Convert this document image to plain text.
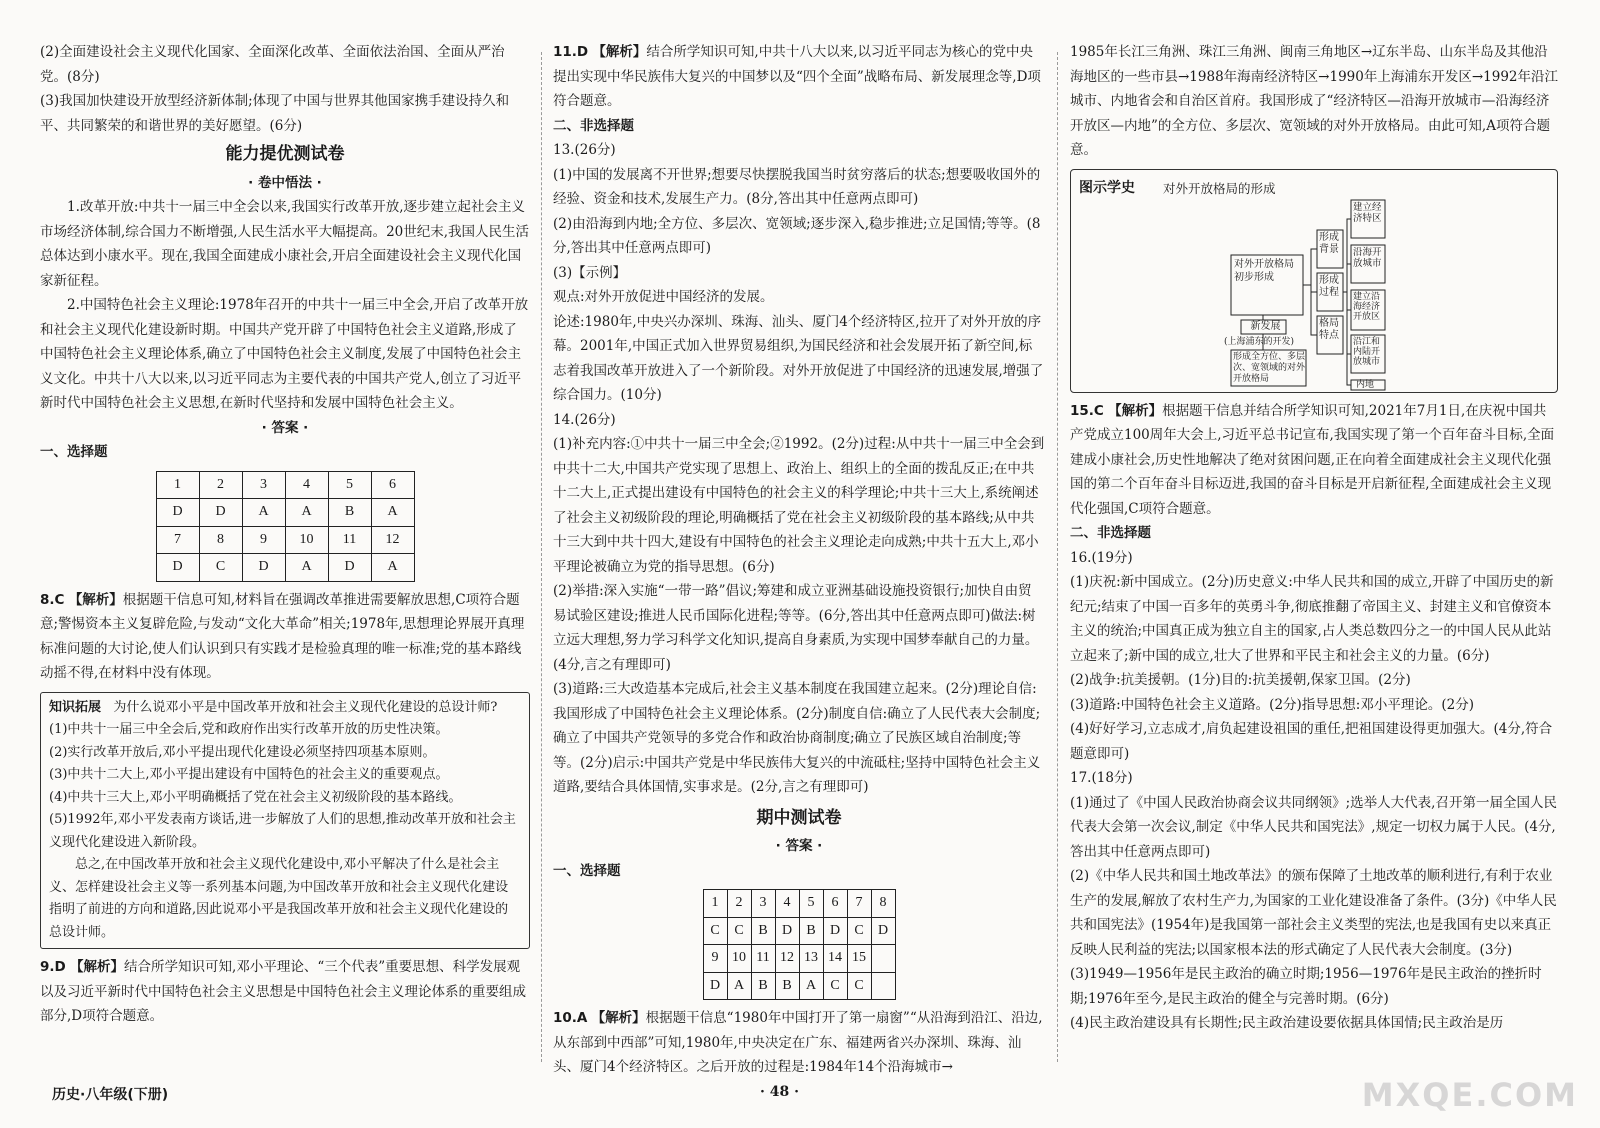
(2)全面建设社会主义现代化国家、全面深化改革、全面依法治国、全面从严治党。(8分)

(3)我国加快建设开放型经济新体制;体现了中国与世界其他国家携手建设持久和平、共同繁荣的和谐世界的美好愿望。(6分)

能力提优测试卷

· 卷中悟法 ·

1.改革开放:中共十一届三中全会以来,我国实行改革开放,逐步建立起社会主义市场经济体制,综合国力不断增强,人民生活水平大幅提高。20世纪末,我国人民生活总体达到小康水平。现在,我国全面建成小康社会,开启全面建设社会主义现代化国家新征程。

2.中国特色社会主义理论:1978年召开的中共十一届三中全会,开启了改革开放和社会主义现代化建设新时期。中国共产党开辟了中国特色社会主义道路,形成了中国特色社会主义理论体系,确立了中国特色社会主义制度,发展了中国特色社会主义文化。中共十八大以来,以习近平同志为主要代表的中国共产党人,创立了习近平新时代中国特色社会主义思想,在新时代坚持和发展中国特色社会主义。

· 答案 ·

一、选择题

1	2	3	4	5	6
D	D	A	A	B	A
7	8	9	10	11	12
D	C	D	A	D	A

8.C 【解析】根据题干信息可知,材料旨在强调改革推进需要解放思想,C项符合题意;警惕资本主义复辟危险,与发动“文化大革命”相关;1978年,思想理论界展开真理标准问题的大讨论,使人们认识到只有实践才是检验真理的唯一标准;党的基本路线动摇不得,在材料中没有体现。

知识拓展 为什么说邓小平是中国改革开放和社会主义现代化建设的总设计师?

(1)中共十一届三中全会后,党和政府作出实行改革开放的历史性决策。

(2)实行改革开放后,邓小平提出现代化建设必须坚持四项基本原则。

(3)中共十二大上,邓小平提出建设有中国特色的社会主义的重要观点。

(4)中共十三大上,邓小平明确概括了党在社会主义初级阶段的基本路线。

(5)1992年,邓小平发表南方谈话,进一步解放了人们的思想,推动改革开放和社会主义现代化建设进入新阶段。

总之,在中国改革开放和社会主义现代化建设中,邓小平解决了什么是社会主义、怎样建设社会主义等一系列基本问题,为中国改革开放和社会主义现代化建设指明了前进的方向和道路,因此说邓小平是我国改革开放和社会主义现代化建设的总设计师。

9.D 【解析】结合所学知识可知,邓小平理论、“三个代表”重要思想、科学发展观以及习近平新时代中国特色社会主义思想是中国特色社会主义理论体系的重要组成部分,D项符合题意。

11.D 【解析】结合所学知识可知,中共十八大以来,以习近平同志为核心的党中央提出实现中华民族伟大复兴的中国梦以及“四个全面”战略布局、新发展理念等,D项符合题意。

二、非选择题

13.(26分)

(1)中国的发展离不开世界;想要尽快摆脱我国当时贫穷落后的状态;想要吸收国外的经验、资金和技术,发展生产力。(8分,答出其中任意两点即可)

(2)由沿海到内地;全方位、多层次、宽领域;逐步深入,稳步推进;立足国情;等等。(8分,答出其中任意两点即可)

(3)【示例】

观点:对外开放促进中国经济的发展。

论述:1980年,中央兴办深圳、珠海、汕头、厦门4个经济特区,拉开了对外开放的序幕。2001年,中国正式加入世界贸易组织,为国民经济和社会发展开拓了新空间,标志着我国改革开放进入了一个新阶段。对外开放促进了中国经济的迅速发展,增强了综合国力。(10分)

14.(26分)

(1)补充内容:①中共十一届三中全会;②1992。(2分)过程:从中共十一届三中全会到中共十二大,中国共产党实现了思想上、政治上、组织上的全面的拨乱反正;在中共十二大上,正式提出建设有中国特色的社会主义的科学理论;中共十三大上,系统阐述了社会主义初级阶段的理论,明确概括了党在社会主义初级阶段的基本路线;从中共十三大到中共十四大,建设有中国特色的社会主义理论走向成熟;中共十五大上,邓小平理论被确立为党的指导思想。(6分)

(2)举措:深入实施“一带一路”倡议;筹建和成立亚洲基础设施投资银行;加快自由贸易试验区建设;推进人民币国际化进程;等等。(6分,答出其中任意两点即可)做法:树立远大理想,努力学习科学文化知识,提高自身素质,为实现中国梦奉献自己的力量。(4分,言之有理即可)

(3)道路:三大改造基本完成后,社会主义基本制度在我国建立起来。(2分)理论自信:我国形成了中国特色社会主义理论体系。(2分)制度自信:确立了人民代表大会制度;确立了中国共产党领导的多党合作和政治协商制度;确立了民族区域自治制度;等等。(2分)启示:中国共产党是中华民族伟大复兴的中流砥柱;坚持中国特色社会主义道路,要结合具体国情,实事求是。(2分,言之有理即可)

期中测试卷

· 答案 ·

一、选择题

1	2	3	4	5	6	7	8
C	C	B	D	B	D	C	D
9	10	11	12	13	14	15	
D	A	B	B	A	C	C	

10.A 【解析】根据题干信息“1980年中国打开了第一扇窗”“从沿海到沿江、沿边,从东部到中西部”可知,1980年,中央决定在广东、福建两省兴办深圳、珠海、汕头、厦门4个经济特区。之后开放的过程是:1984年14个沿海城市→

1985年长江三角洲、珠江三角洲、闽南三角地区→辽东半岛、山东半岛及其他沿海地区的一些市县→1988年海南经济特区→1990年上海浦东开发区→1992年沿江城市、内地省会和自治区首府。我国形成了“经济特区—沿海开放城市—沿海经济开放区—内地”的全方位、多层次、宽领域的对外开放格局。由此可知,A项符合题意。

图示学史 对外开放格局的形成
对外开放格局初步形成
新发展
(上海浦东的开发)
形成全方位、多层次、宽领域的对外开放格局
形成背景
形成过程
格局特点
建立经济特区
沿海开放城市
建立沿海经济开放区
沿江和内陆开放城市
内地

15.C 【解析】根据题干信息并结合所学知识可知,2021年7月1日,在庆祝中国共产党成立100周年大会上,习近平总书记宣布,我国实现了第一个百年奋斗目标,全面建成小康社会,历史性地解决了绝对贫困问题,正在向着全面建成社会主义现代化强国的第二个百年奋斗目标迈进,我国的奋斗目标是开启新征程,全面建成社会主义现代化强国,C项符合题意。

二、非选择题

16.(19分)

(1)庆祝:新中国成立。(2分)历史意义:中华人民共和国的成立,开辟了中国历史的新纪元;结束了中国一百多年的英勇斗争,彻底推翻了帝国主义、封建主义和官僚资本主义的统治;中国真正成为独立自主的国家,占人类总数四分之一的中国人民从此站立起来了;新中国的成立,壮大了世界和平民主和社会主义的力量。(6分)

(2)战争:抗美援朝。(1分)目的:抗美援朝,保家卫国。(2分)

(3)道路:中国特色社会主义道路。(2分)指导思想:邓小平理论。(2分)

(4)好好学习,立志成才,肩负起建设祖国的重任,把祖国建设得更加强大。(4分,符合题意即可)

17.(18分)

(1)通过了《中国人民政治协商会议共同纲领》;选举人大代表,召开第一届全国人民代表大会第一次会议,制定《中华人民共和国宪法》,规定一切权力属于人民。(4分,答出其中任意两点即可)

(2)《中华人民共和国土地改革法》的颁布保障了土地改革的顺利进行,有利于农业生产的发展,解放了农村生产力,为国家的工业化建设准备了条件。(3分)《中华人民共和国宪法》(1954年)是我国第一部社会主义类型的宪法,也是我国有史以来真正反映人民利益的宪法;以国家根本法的形式确定了人民代表大会制度。(3分)

(3)1949—1956年是民主政治的确立时期;1956—1976年是民主政治的挫折时期;1976年至今,是民主政治的健全与完善时期。(6分)

(4)民主政治建设具有长期性;民主政治建设要依据具体国情;民主政治是历

历史·八年级(下册)	· 48 ·	MXQE.COM
